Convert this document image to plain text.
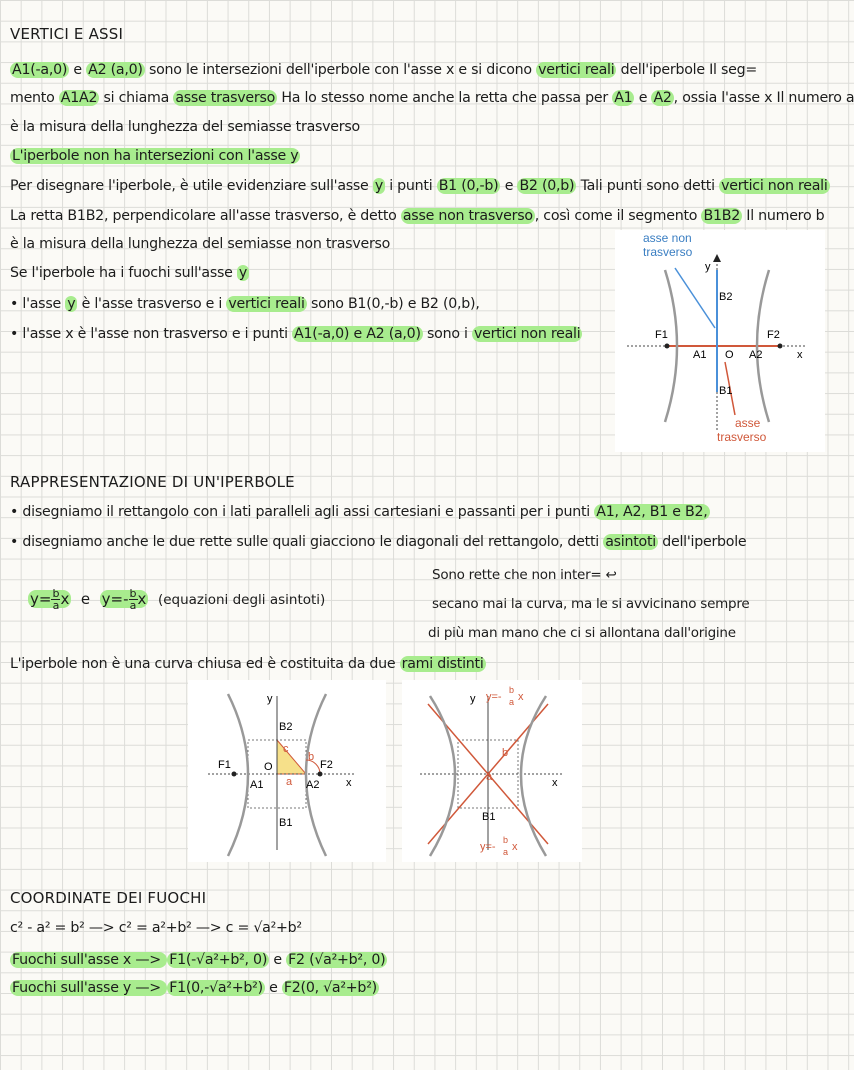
VERTICI E ASSI
A1(-a,0) e A2 (a,0) sono le intersezioni dell'iperbole con l'asse x e si dicono vertici reali dell'iperbole Il seg=
mento A1A2 si chiama asse trasverso Ha lo stesso nome anche la retta che passa per A1 e A2 , ossia l'asse x Il numero a
è la misura della lunghezza del semiasse trasverso
L'iperbole non ha intersezioni con l'asse y
Per disegnare l'iperbole, è utile evidenziare sull'asse y i punti B1 (0,-b) e B2 (0,b) Tali punti sono detti vertici non reali
La retta B1B2, perpendicolare all'asse trasverso, è detto asse non trasverso , così come il segmento B1B2 Il numero b
è la misura della lunghezza del semiasse non trasverso
Se l'iperbole ha i fuochi sull'asse y
• l'asse y è l'asse trasverso e i vertici reali sono B1(0,-b) e B2 (0,b),
• l'asse x è l'asse non trasverso e i punti A1(-a,0) e A2 (a,0) sono i vertici non reali
asse non
trasverso
y
x
B2
B1
F1	F2
A1 O A2
asse
trasverso
RAPPRESENTAZIONE DI UN'IPERBOLE
• disegniamo il rettangolo con i lati paralleli agli assi cartesiani e passanti per i punti A1, A2, B1 e B2,
• disegniamo anche le due rette sulle quali giacciono le diagonali del rettangolo, detti asintoti dell'iperbole
Sono rette che non inter= ↩
secano mai la curva, ma le si avvicinano sempre
di più man mano che ci si allontana dall'origine
$y= \frac{b}{a}$ x e $y=- \frac{b}{a}$ x (equazioni degli asintoti)
L'iperbole non è una curva chiusa ed è costituita da due rami distinti
y
x
B2
B1
F1	F2
A1	A2
O
a
b
c
y
x
B1
a
b
y=-
b
a x
y=-
b
a x
COORDINATE DEI FUOCHI
c² - a² = b² —> c² = a²+b² —> c = √a²+b²
Fuochi sull'asse x —> F1(-√a²+b², 0) e F2 (√a²+b², 0)
Fuochi sull'asse y —> F1(0,-√a²+b²) e F2(0, √a²+b²)
